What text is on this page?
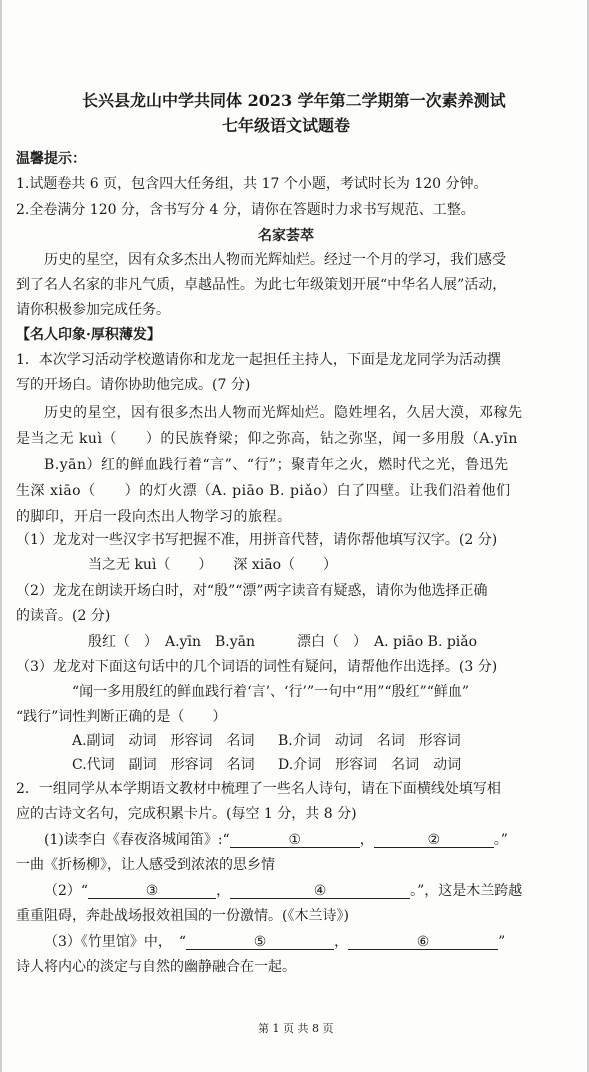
长兴县龙山中学共同体 2023 学年第二学期第一次素养测试
七年级语文试题卷
温馨提示：
1.试题卷共 6 页，包含四大任务组，共 17 个小题，考试时长为 120 分钟。
2.全卷满分 120 分，含书写分 4 分，请你在答题时力求书写规范、工整。
名家荟萃
历史的星空，因有众多杰出人物而光辉灿烂。经过一个月的学习，我们感受
到了名人名家的非凡气质，卓越品性。为此七年级策划开展“中华名人展”活动，
请你积极参加完成任务。
【名人印象·厚积薄发】
1．本次学习活动学校邀请你和龙龙一起担任主持人，下面是龙龙同学为活动撰
写的开场白。请你协助他完成。(7 分)
历史的星空，因有很多杰出人物而光辉灿烂。隐姓埋名，久居大漠，邓稼先
是当之无 kuì（　　）的民族脊梁；仰之弥高，钻之弥坚，闻一多用殷（A.yīn
B.yān）红的鲜血践行着“言”、“行”；聚青年之火，燃时代之光，鲁迅先
生深 xiāo（　　）的灯火漂（A. piāo B. piǎo）白了四壁。让我们沿着他们
的脚印，开启一段向杰出人物学习的旅程。
（1）龙龙对一些汉字书写把握不准，用拼音代替，请你帮他填写汉字。(2 分)
当之无 kuì（　　）　　深 xiāo（　　）
（2）龙龙在朗读开场白时，对“殷”“漂”两字读音有疑惑，请你为他选择正确
的读音。(2 分)
殷红（　）　A.yīn　B.yān　　　漂白（　）　A. piāo B. piǎo
（3）龙龙对下面这句话中的几个词语的词性有疑问，请帮他作出选择。(3 分)
“闻一多用殷红的鲜血践行着‘言’、‘行’”一句中“用”“殷红”“鲜血”
“践行”词性判断正确的是（　　）
A.副词　动词　形容词　名词 B.介词　动词　名词　形容词
C.代词　副词　形容词　名词 D.介词　形容词　名词　动词
2．一组同学从本学期语文教材中梳理了一些名人诗句，请在下面横线处填写相
应的古诗文名句，完成积累卡片。(每空 1 分，共 8 分)
(1)读李白《春夜洛城闻笛》:“	①	，	②	。”
一曲《折杨柳》，让人感受到浓浓的思乡情
（2）“	③	，	④	。”，这是木兰跨越
重重阻碍，奔赴战场报效祖国的一份激情。(《木兰诗》)
（3）《竹里馆》中，　“	⑤	，	⑥	”
诗人将内心的淡定与自然的幽静融合在一起。
第 1 页 共 8 页
